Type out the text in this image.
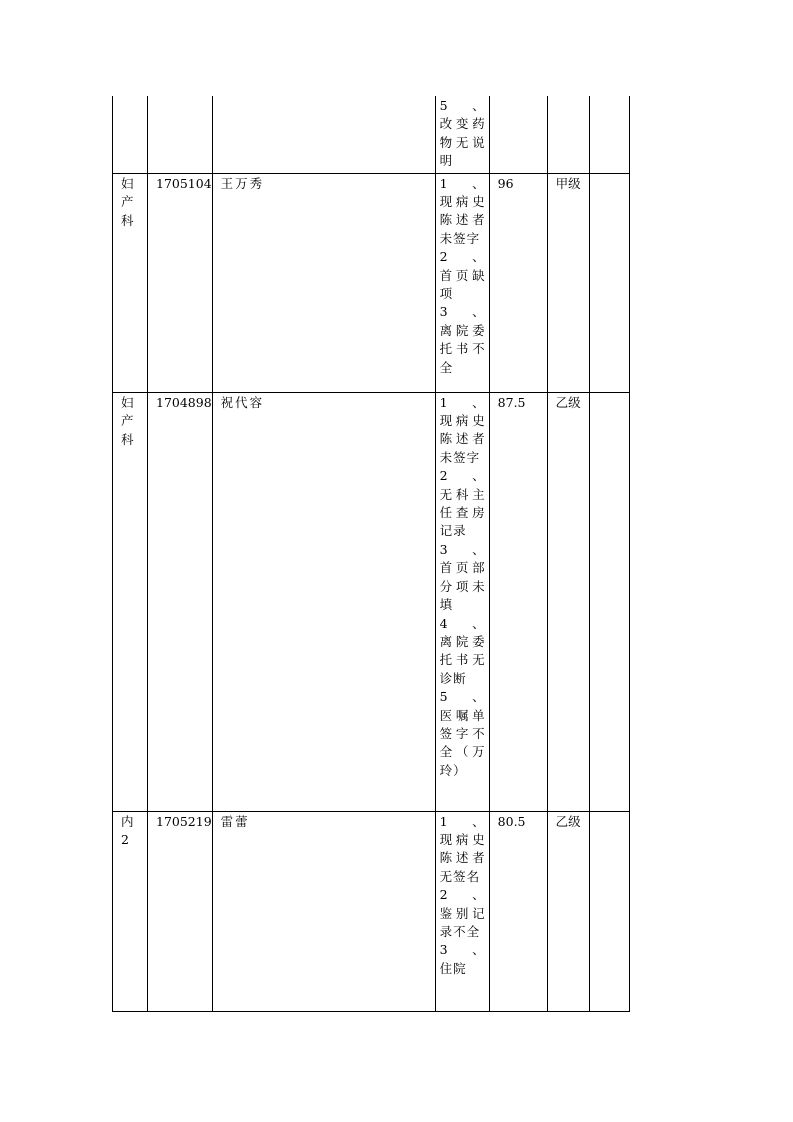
			5　、改变药物无说明			

妇产科	1705104	王万秀	1　、现病史陈述者未签字
2　、首页缺项
3　、离院委托书不全	96	甲级	

妇产科	1704898	祝代容	1　、现病史陈述者未签字
2　、无科主任查房记录
3　、首页部分项未填
4　、离院委托书无诊断
5　、医嘱单签字不全（万玲）	87.5	乙级	

内2	1705219	雷蕾	1　、现病史陈述者无签名
2　、鉴别记录不全
3　、住院	80.5	乙级	
